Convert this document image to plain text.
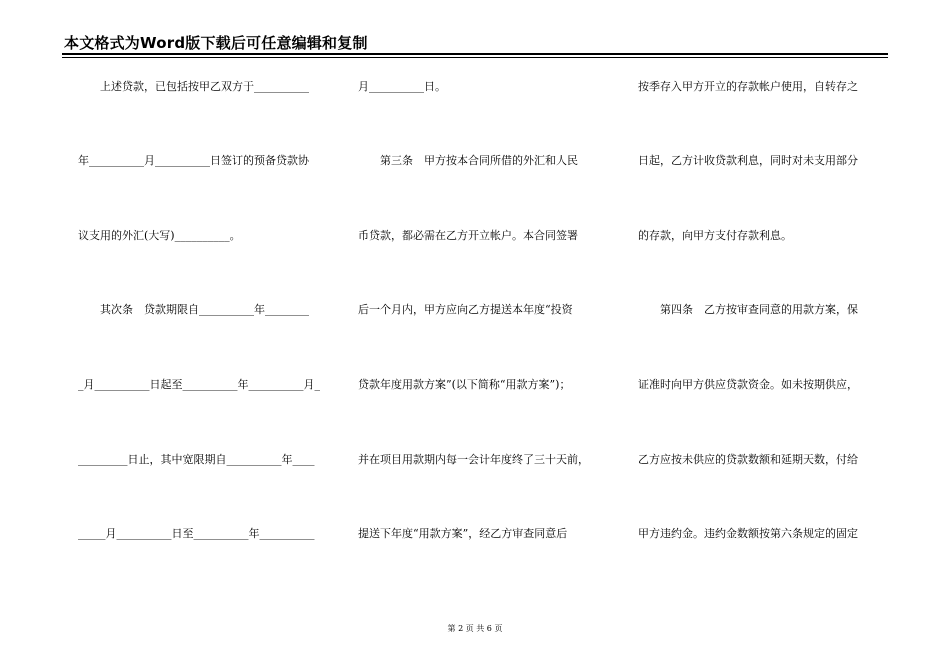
本文格式为Word版下载后可任意编辑和复制
　　上述贷款，已包括按甲乙双方于__________
年__________月__________日签订的预备贷款协
议支用的外汇(大写)__________。
　　其次条　贷款期限自__________年________
_月__________日起至__________年__________月_
_________日止，其中宽限期自__________年____
_____月__________日至__________年__________
月__________日。
　　第三条　甲方按本合同所借的外汇和人民
币贷款，都必需在乙方开立帐户。本合同签署
后一个月内，甲方应向乙方提送本年度“投资
贷款年度用款方案”(以下简称“用款方案”)；
并在项目用款期内每一会计年度终了三十天前，
提送下年度“用款方案”，经乙方审查同意后
按季存入甲方开立的存款帐户使用，自转存之
日起，乙方计收贷款利息，同时对未支用部分
的存款，向甲方支付存款利息。
　　第四条　乙方按审查同意的用款方案，保
证准时向甲方供应贷款资金。如未按期供应，
乙方应按未供应的贷款数额和延期天数，付给
甲方违约金。违约金数额按第六条规定的固定
第 2 页 共 6 页
